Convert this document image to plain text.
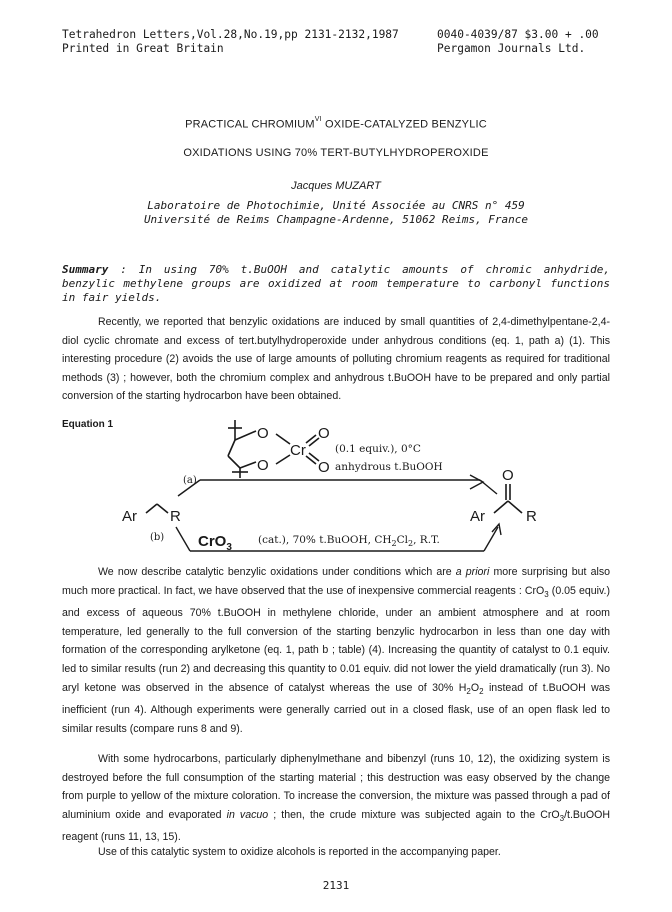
Tetrahedron Letters,Vol.28,No.19,pp 2131-2132,1987
Printed in Great Britain
0040-4039/87 $3.00 + .00
Pergamon Journals Ltd.
PRACTICAL $CHROMIUM^{VI}$ OXIDE-CATALYZED BENZYLIC
OXIDATIONS USING 70% TERT-BUTYLHYDROPEROXIDE
Jacques MUZART
Laboratoire de Photochimie, Unité Associée au CNRS n° 459
Université de Reims Champagne-Ardenne, 51062 Reims, France
Summary : In using 70% t.BuOOH and catalytic amounts of chromic anhydride, benzylic methylene groups are oxidized at room temperature to carbonyl functions in fair yields.

Recently, we reported that benzylic oxidations are induced by small quantities of 2,4-dimethylpentane-2,4-diol cyclic chromate and excess of tert.butylhydroperoxide under anhydrous conditions (eq. 1, path a) (1). This interesting procedure (2) avoids the use of large amounts of polluting chromium reagents as required for traditional methods (3) ; however, both the chromium complex and anhydrous t.BuOOH have to be prepared and only partial conversion of the starting hydrocarbon have been obtained.

Equation 1
O
O
Cr
O
O
(0.1 equiv.), 0°C
anhydrous t.BuOOH
(a)
Ar R	Ar
O
R
(b) CrO$_3$
(cat.), 70% t.BuOOH, $CH_2Cl_2$, R.T.

We now describe catalytic benzylic oxidations under conditions which are a priori more surprising but also much more practical. In fact, we have observed that the use of inexpensive commercial reagents : CrO$_3$ (0.05 equiv.) and excess of aqueous 70% t.BuOOH in methylene chloride, under an ambient atmosphere and at room temperature, led generally to the full conversion of the starting benzylic hydrocarbon in less than one day with formation of the corresponding arylketone (eq. 1, path b ; table) (4). Increasing the quantity of catalyst to 0.1 equiv. led to similar results (run 2) and decreasing this quantity to 0.01 equiv. did not lower the yield dramatically (run 3). No aryl ketone was observed in the absence of catalyst whereas the use of 30% $H_2O_2$ instead of t.BuOOH was inefficient (run 4). Although experiments were generally carried out in a closed flask, use of an open flask led to similar results (compare runs 8 and 9).

With some hydrocarbons, particularly diphenylmethane and bibenzyl (runs 10, 12), the oxidizing system is destroyed before the full consumption of the starting material ; this destruction was easy observed by the change from purple to yellow of the mixture coloration. To increase the conversion, the mixture was passed through a pad of aluminium oxide and evaporated in vacuo ; then, the crude mixture was subjected again to the CrO$_3$/t.BuOOH reagent (runs 11, 13, 15).

Use of this catalytic system to oxidize alcohols is reported in the accompanying paper.

2131
